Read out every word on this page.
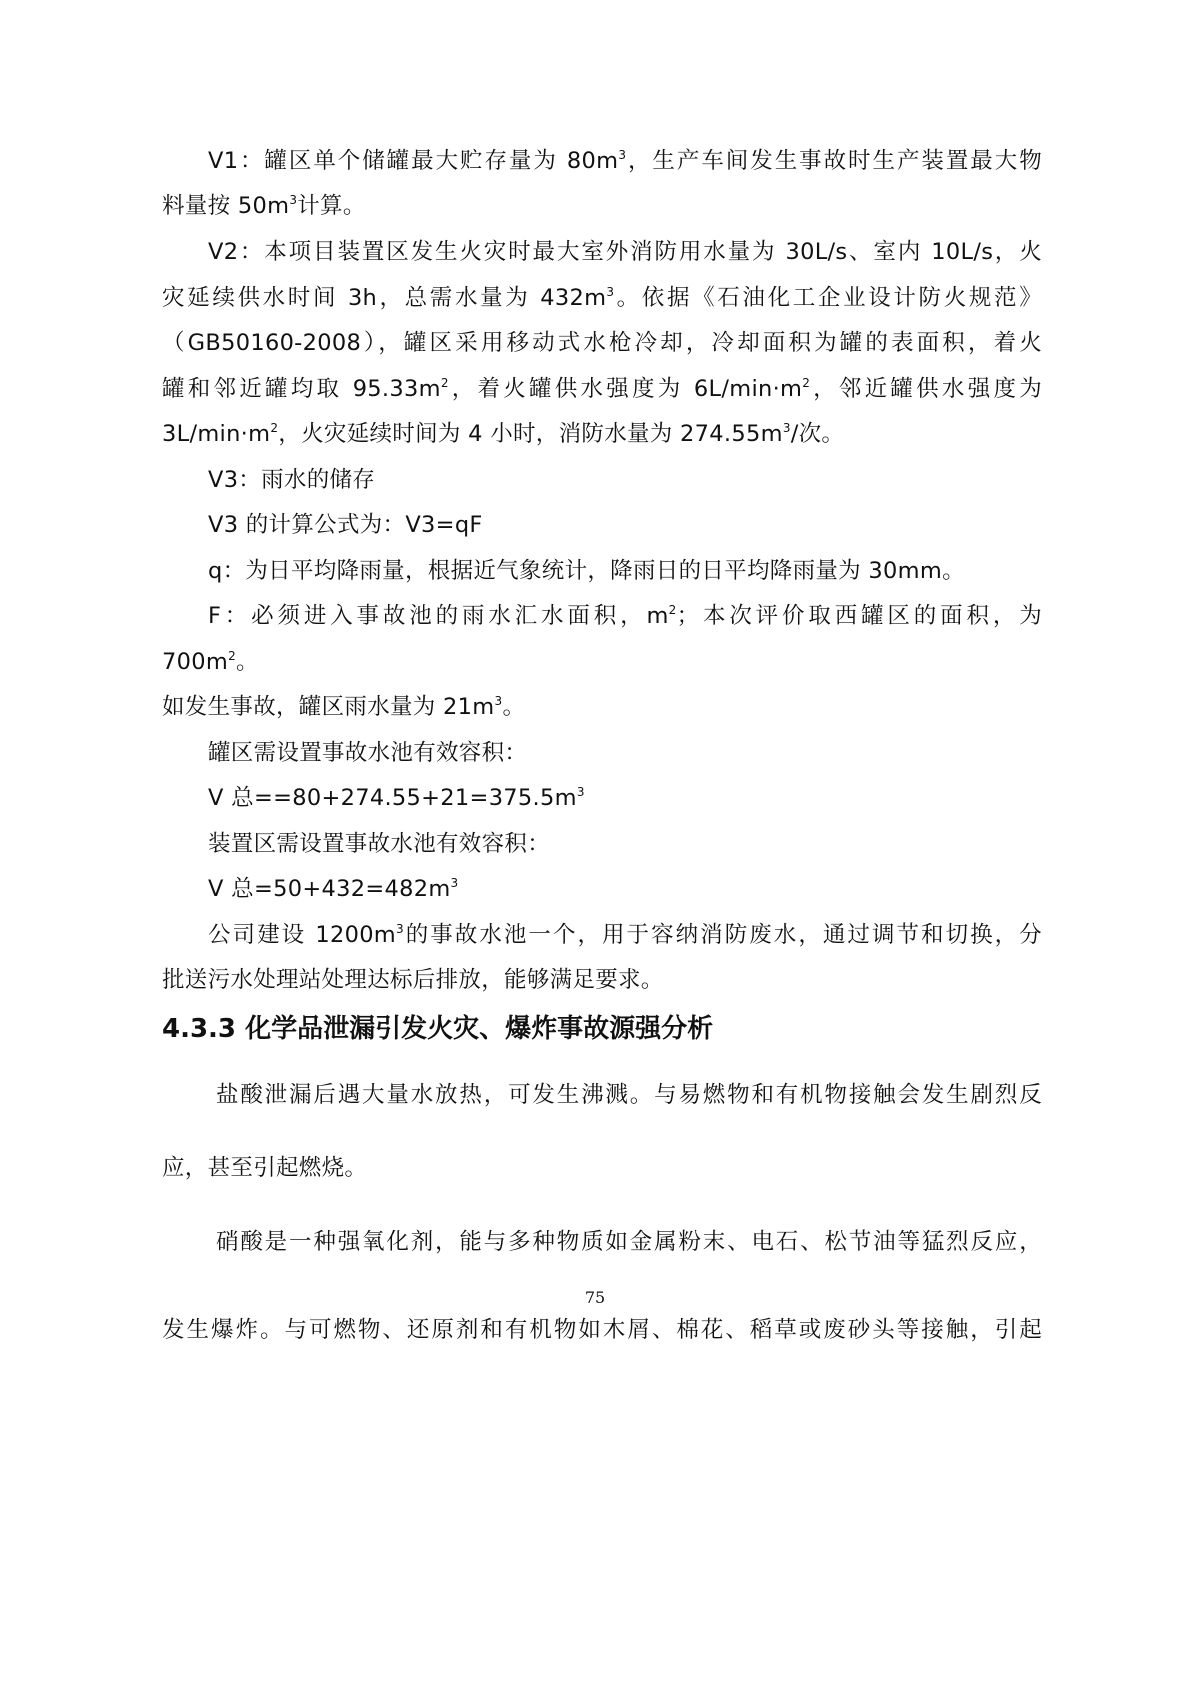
V1：罐区单个储罐最大贮存量为 $80m^3$，生产车间发生事故时生产装置最大物
料量按 $50m^3$计算。
V2：本项目装置区发生火灾时最大室外消防用水量为 30L/s、室内 10L/s，火
灾延续供水时间 3h，总需水量为 $432m^3$。依据《石油化工企业设计防火规范》
（GB50160-2008），罐区采用移动式水枪冷却，冷却面积为罐的表面积，着火
罐和邻近罐均取 $95.33m^2$，着火罐供水强度为 $6L/\min\cdot m^2$，邻近罐供水强度为
$3L/\min\cdot m^2$，火灾延续时间为 4 小时，消防水量为 $274.55m^3/$次。
V3：雨水的储存
V3 的计算公式为：V3=qF
q：为日平均降雨量，根据近气象统计，降雨日的日平均降雨量为 30mm。
F：必须进入事故池的雨水汇水面积，$m^2$；本次评价取西罐区的面积，为
$700m^2$。
如发生事故，罐区雨水量为 $21m^3$。
罐区需设置事故水池有效容积：
V 总$==80+274.55+21=375.5m^3$
装置区需设置事故水池有效容积：
V 总$=50+432=482m^3$
公司建设 $1200m^3$的事故水池一个，用于容纳消防废水，通过调节和切换，分
批送污水处理站处理达标后排放，能够满足要求。
4.3.3 化学品泄漏引发火灾、爆炸事故源强分析
盐酸泄漏后遇大量水放热，可发生沸溅。与易燃物和有机物接触会发生剧烈反
应，甚至引起燃烧。
硝酸是一种强氧化剂，能与多种物质如金属粉末、电石、松节油等猛烈反应，
75
发生爆炸。与可燃物、还原剂和有机物如木屑、棉花、稻草或废砂头等接触，引起
